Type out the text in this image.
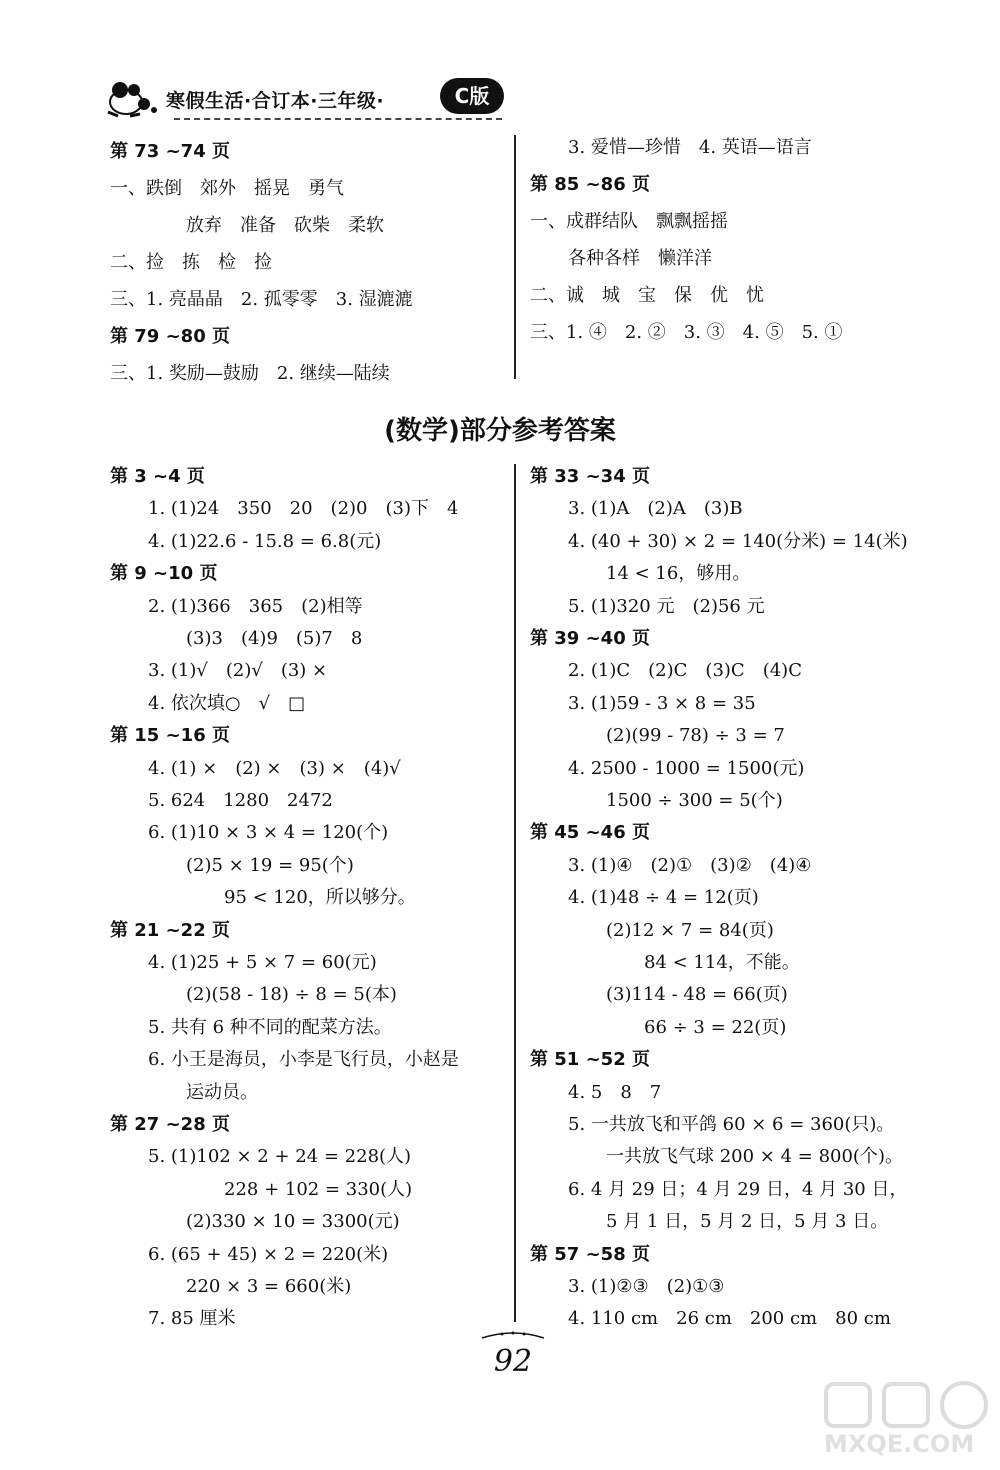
寒假生活·合订本·三年级·	C版
第 73 ~74 页
一、跌倒　郊外　摇晃　勇气
放弃　准备　砍柴　柔软
二、捡　拣　检　捡
三、1. 亮晶晶　2. 孤零零　3. 湿漉漉
第 79 ~80 页
三、1. 奖励—鼓励　2. 继续—陆续
3. 爱惜—珍惜　4. 英语—语言
第 85 ~86 页
一、成群结队　飘飘摇摇
各种各样　懒洋洋
二、诚　城　宝　保　优　忧
三、1. ④　2. ②　3. ③　4. ⑤　5. ①
(数学)部分参考答案
第 3 ~4 页
1. (1)24　350　20　(2)0　(3)下　4
4. (1)22.6 - 15.8 = 6.8(元)
第 9 ~10 页
2. (1)366　365　(2)相等
(3)3　(4)9　(5)7　8
3. (1)√　(2)√　(3) ×
4. 依次填○　√　□
第 15 ~16 页
4. (1) ×　(2) ×　(3) ×　(4)√
5. 624　1280　2472
6. (1)10 × 3 × 4 = 120(个)
(2)5 × 19 = 95(个)
95 < 120，所以够分。
第 21 ~22 页
4. (1)25 + 5 × 7 = 60(元)
(2)(58 - 18) ÷ 8 = 5(本)
5. 共有 6 种不同的配菜方法。
6. 小王是海员，小李是飞行员，小赵是
运动员。
第 27 ~28 页
5. (1)102 × 2 + 24 = 228(人)
228 + 102 = 330(人)
(2)330 × 10 = 3300(元)
6. (65 + 45) × 2 = 220(米)
220 × 3 = 660(米)
7. 85 厘米
第 33 ~34 页
3. (1)A　(2)A　(3)B
4. (40 + 30) × 2 = 140(分米) = 14(米)
14 < 16，够用。
5. (1)320 元　(2)56 元
第 39 ~40 页
2. (1)C　(2)C　(3)C　(4)C
3. (1)59 - 3 × 8 = 35
(2)(99 - 78) ÷ 3 = 7
4. 2500 - 1000 = 1500(元)
1500 ÷ 300 = 5(个)
第 45 ~46 页
3. (1)④　(2)①　(3)②　(4)④
4. (1)48 ÷ 4 = 12(页)
(2)12 × 7 = 84(页)
84 < 114，不能。
(3)114 - 48 = 66(页)
66 ÷ 3 = 22(页)
第 51 ~52 页
4. 5　8　7
5. 一共放飞和平鸽 60 × 6 = 360(只)。
一共放飞气球 200 × 4 = 800(个)。
6. 4 月 29 日；4 月 29 日，4 月 30 日，
5 月 1 日，5 月 2 日，5 月 3 日。
第 57 ~58 页
3. (1)②③　(2)①③
4. 110 cm　26 cm　200 cm　80 cm
92
MXQE.COM
